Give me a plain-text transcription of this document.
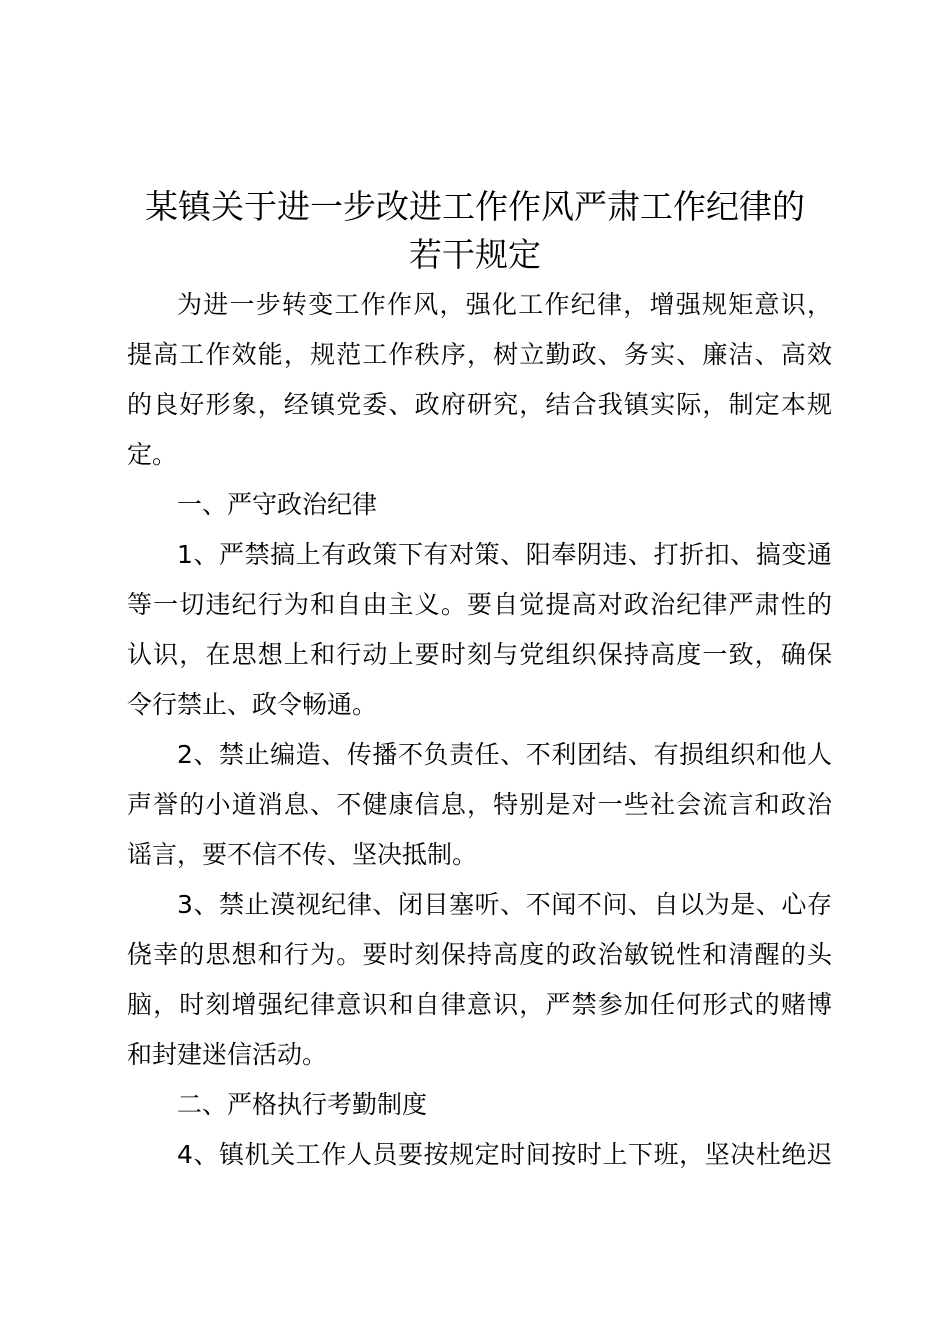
某镇关于进一步改进工作作风严肃工作纪律的
若干规定

为进一步转变工作作风，强化工作纪律，增强规矩意识，

提高工作效能，规范工作秩序，树立勤政、务实、廉洁、高效

的良好形象，经镇党委、政府研究，结合我镇实际，制定本规

定。

一、严守政治纪律

1、严禁搞上有政策下有对策、阳奉阴违、打折扣、搞变通

等一切违纪行为和自由主义。要自觉提高对政治纪律严肃性的

认识，在思想上和行动上要时刻与党组织保持高度一致，确保

令行禁止、政令畅通。

2、禁止编造、传播不负责任、不利团结、有损组织和他人

声誉的小道消息、不健康信息，特别是对一些社会流言和政治

谣言，要不信不传、坚决抵制。

3、禁止漠视纪律、闭目塞听、不闻不问、自以为是、心存

侥幸的思想和行为。要时刻保持高度的政治敏锐性和清醒的头

脑，时刻增强纪律意识和自律意识，严禁参加任何形式的赌博

和封建迷信活动。

二、严格执行考勤制度

4、镇机关工作人员要按规定时间按时上下班，坚决杜绝迟
